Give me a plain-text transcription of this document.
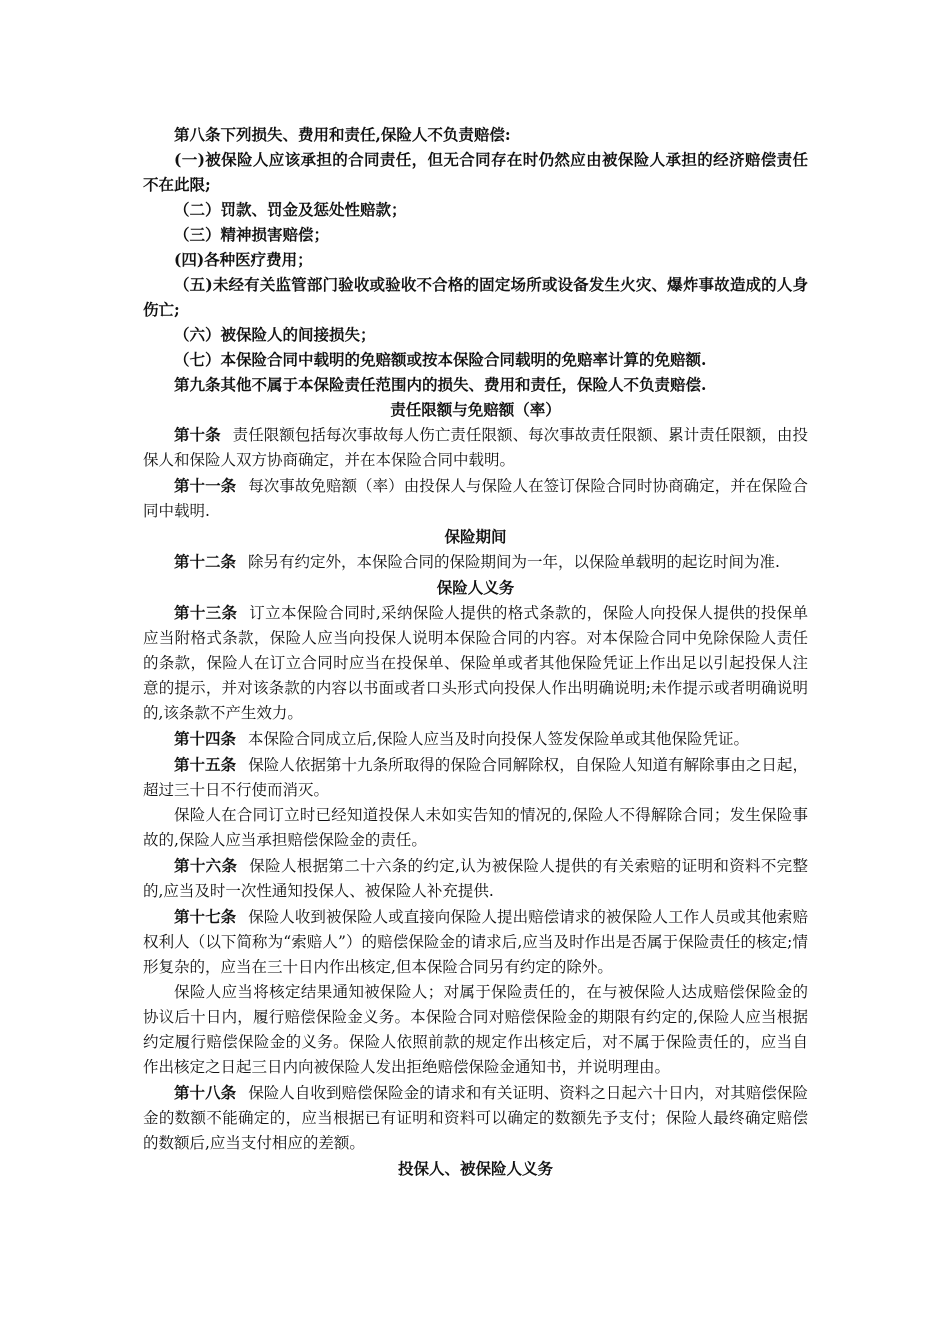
第八条下列损失、费用和责任,保险人不负责赔偿:

(一)被保险人应该承担的合同责任，但无合同存在时仍然应由被保险人承担的经济赔偿责任不在此限;

（二）罚款、罚金及惩处性赔款；

（三）精神损害赔偿；

(四)各种医疗费用；

（五)未经有关监管部门验收或验收不合格的固定场所或设备发生火灾、爆炸事故造成的人身伤亡;

（六）被保险人的间接损失；

（七）本保险合同中载明的免赔额或按本保险合同载明的免赔率计算的免赔额.

第九条其他不属于本保险责任范围内的损失、费用和责任，保险人不负责赔偿.

责任限额与免赔额（率）

第十条 责任限额包括每次事故每人伤亡责任限额、每次事故责任限额、累计责任限额，由投保人和保险人双方协商确定，并在本保险合同中载明。

第十一条 每次事故免赔额（率）由投保人与保险人在签订保险合同时协商确定，并在保险合同中载明.

保险期间

第十二条 除另有约定外，本保险合同的保险期间为一年，以保险单载明的起讫时间为准.

保险人义务

第十三条 订立本保险合同时,采纳保险人提供的格式条款的，保险人向投保人提供的投保单应当附格式条款，保险人应当向投保人说明本保险合同的内容。对本保险合同中免除保险人责任的条款，保险人在订立合同时应当在投保单、保险单或者其他保险凭证上作出足以引起投保人注意的提示，并对该条款的内容以书面或者口头形式向投保人作出明确说明;未作提示或者明确说明的,该条款不产生效力。

第十四条 本保险合同成立后,保险人应当及时向投保人签发保险单或其他保险凭证。

第十五条 保险人依据第十九条所取得的保险合同解除权，自保险人知道有解除事由之日起，超过三十日不行使而消灭。

保险人在合同订立时已经知道投保人未如实告知的情况的,保险人不得解除合同；发生保险事故的,保险人应当承担赔偿保险金的责任。

第十六条 保险人根据第二十六条的约定,认为被保险人提供的有关索赔的证明和资料不完整的,应当及时一次性通知投保人、被保险人补充提供.

第十七条 保险人收到被保险人或直接向保险人提出赔偿请求的被保险人工作人员或其他索赔权利人（以下简称为“索赔人”）的赔偿保险金的请求后,应当及时作出是否属于保险责任的核定;情形复杂的，应当在三十日内作出核定,但本保险合同另有约定的除外。

保险人应当将核定结果通知被保险人；对属于保险责任的，在与被保险人达成赔偿保险金的协议后十日内，履行赔偿保险金义务。本保险合同对赔偿保险金的期限有约定的,保险人应当根据约定履行赔偿保险金的义务。保险人依照前款的规定作出核定后，对不属于保险责任的，应当自作出核定之日起三日内向被保险人发出拒绝赔偿保险金通知书，并说明理由。

第十八条 保险人自收到赔偿保险金的请求和有关证明、资料之日起六十日内，对其赔偿保险金的数额不能确定的，应当根据已有证明和资料可以确定的数额先予支付；保险人最终确定赔偿的数额后,应当支付相应的差额。

投保人、被保险人义务
